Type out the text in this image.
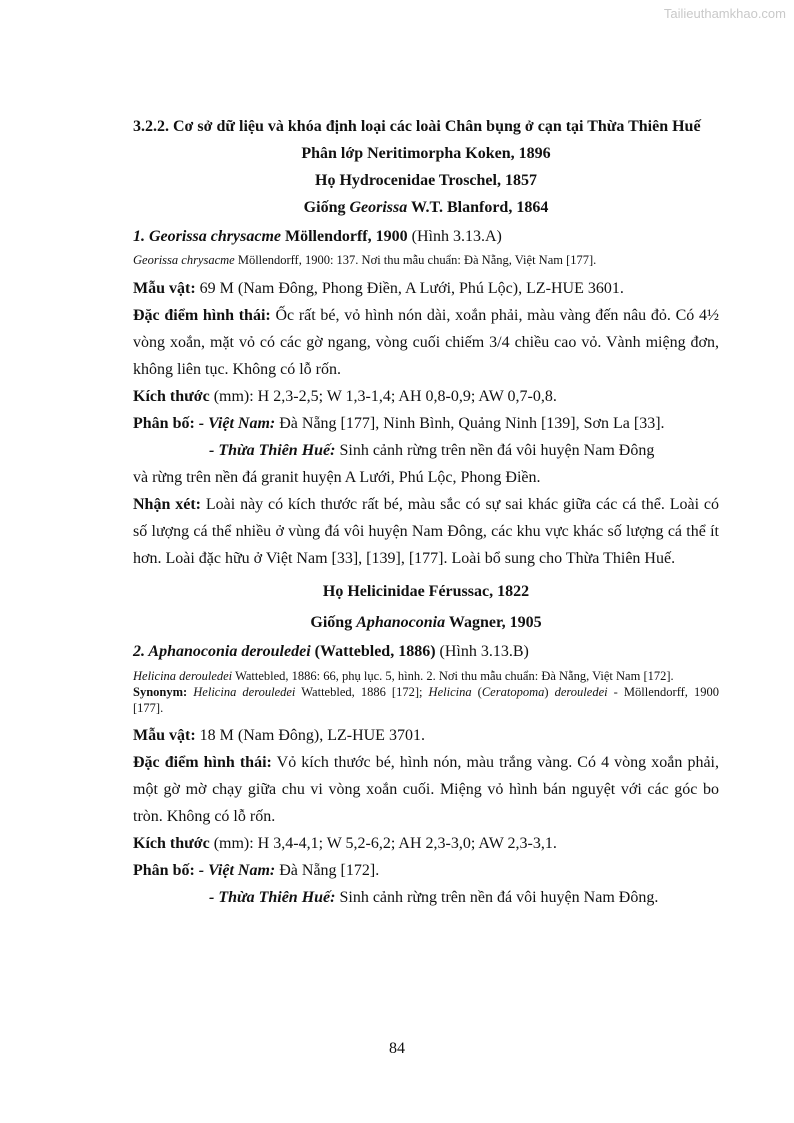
Tailieuthamkhao.com

3.2.2. Cơ sở dữ liệu và khóa định loại các loài Chân bụng ở cạn tại Thừa Thiên Huế

Phân lớp Neritimorpha Koken, 1896

Họ Hydrocenidae Troschel, 1857

Giống Georissa W.T. Blanford, 1864

1. Georissa chrysacme Möllendorff, 1900 (Hình 3.13.A)

Georissa chrysacme Möllendorff, 1900: 137. Nơi thu mẫu chuẩn: Đà Nẵng, Việt Nam [177].

Mẫu vật: 69 M (Nam Đông, Phong Điền, A Lưới, Phú Lộc), LZ-HUE 3601.

Đặc điểm hình thái: Ốc rất bé, vỏ hình nón dài, xoắn phải, màu vàng đến nâu đỏ. Có 4½ vòng xoắn, mặt vỏ có các gờ ngang, vòng cuối chiếm 3/4 chiều cao vỏ. Vành miệng đơn, không liên tục. Không có lỗ rốn.

Kích thước (mm): H 2,3-2,5; W 1,3-1,4; AH 0,8-0,9; AW 0,7-0,8.

Phân bố: - Việt Nam: Đà Nẵng [177], Ninh Bình, Quảng Ninh [139], Sơn La [33].

- Thừa Thiên Huế: Sinh cảnh rừng trên nền đá vôi huyện Nam Đông

và rừng trên nền đá granit huyện A Lưới, Phú Lộc, Phong Điền.

Nhận xét: Loài này có kích thước rất bé, màu sắc có sự sai khác giữa các cá thể. Loài có số lượng cá thể nhiều ở vùng đá vôi huyện Nam Đông, các khu vực khác số lượng cá thể ít hơn. Loài đặc hữu ở Việt Nam [33], [139], [177]. Loài bổ sung cho Thừa Thiên Huế.

Họ Helicinidae Férussac, 1822

Giống Aphanoconia Wagner, 1905

2. Aphanoconia derouledei (Wattebled, 1886) (Hình 3.13.B)

Helicina derouledei Wattebled, 1886: 66, phụ lục. 5, hình. 2. Nơi thu mẫu chuẩn: Đà Nẵng, Việt Nam [172].
Synonym: Helicina derouledei Wattebled, 1886 [172]; Helicina (Ceratopoma) derouledei - Möllendorff, 1900 [177].

Mẫu vật: 18 M (Nam Đông), LZ-HUE 3701.

Đặc điểm hình thái: Vỏ kích thước bé, hình nón, màu trắng vàng. Có 4 vòng xoắn phải, một gờ mờ chạy giữa chu vi vòng xoắn cuối. Miệng vỏ hình bán nguyệt với các góc bo tròn. Không có lỗ rốn.

Kích thước (mm): H 3,4-4,1; W 5,2-6,2; AH 2,3-3,0; AW 2,3-3,1.

Phân bố: - Việt Nam: Đà Nẵng [172].

- Thừa Thiên Huế: Sinh cảnh rừng trên nền đá vôi huyện Nam Đông.

84
